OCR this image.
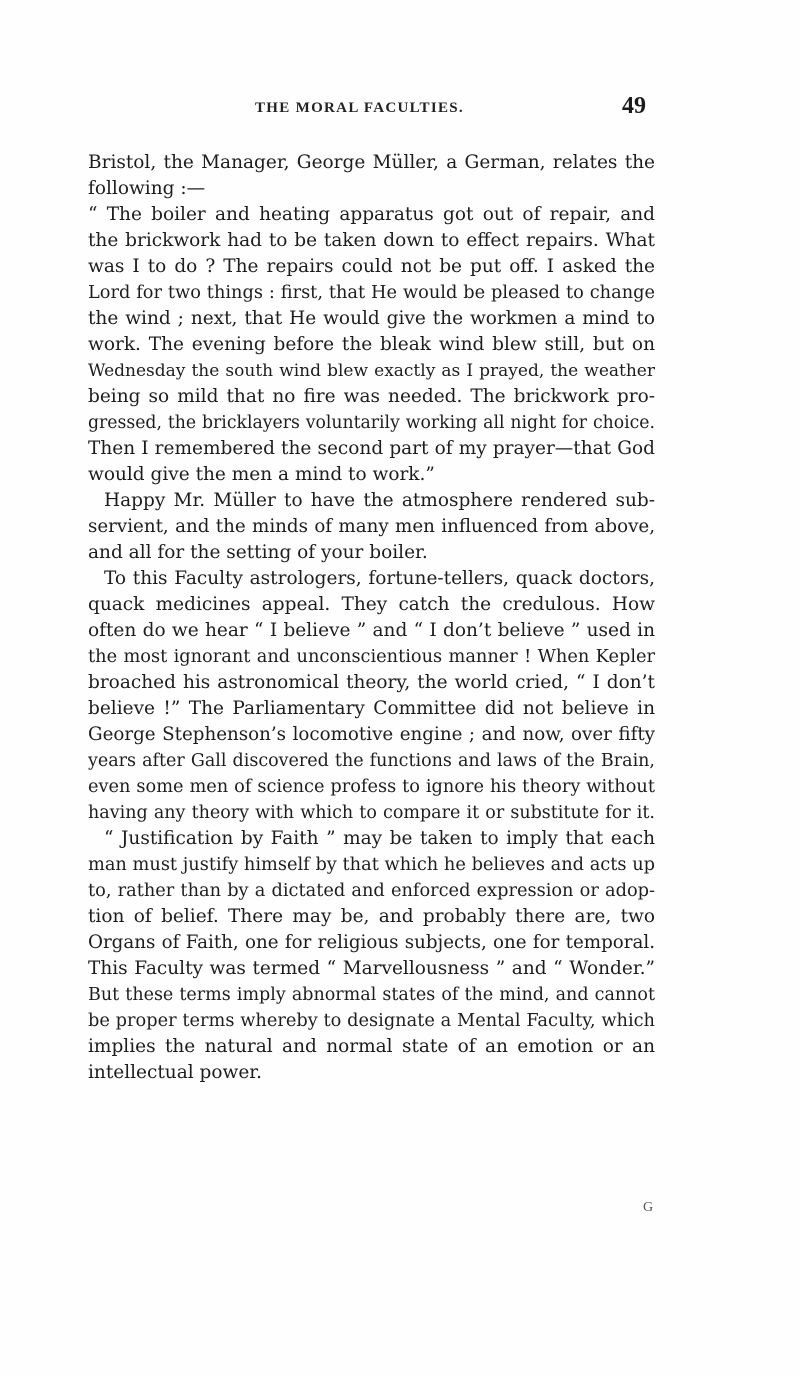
THE MORAL FACULTIES.	49
Bristol, the Manager, George Müller, a German, relates the
following :—
“ The boiler and heating apparatus got out of repair, and
the brickwork had to be taken down to effect repairs. What
was I to do ? The repairs could not be put off. I asked the
Lord for two things : first, that He would be pleased to change
the wind ; next, that He would give the workmen a mind to
work. The evening before the bleak wind blew still, but on
Wednesday the south wind blew exactly as I prayed, the weather
being so mild that no fire was needed. The brickwork pro-
gressed, the bricklayers voluntarily working all night for choice.
Then I remembered the second part of my prayer—that God
would give the men a mind to work.”
Happy Mr. Müller to have the atmosphere rendered sub-
servient, and the minds of many men influenced from above,
and all for the setting of your boiler.
To this Faculty astrologers, fortune-tellers, quack doctors,
quack medicines appeal. They catch the credulous. How
often do we hear “ I believe ” and “ I don’t believe ” used in
the most ignorant and unconscientious manner ! When Kepler
broached his astronomical theory, the world cried, “ I don’t
believe !” The Parliamentary Committee did not believe in
George Stephenson’s locomotive engine ; and now, over fifty
years after Gall discovered the functions and laws of the Brain,
even some men of science profess to ignore his theory without
having any theory with which to compare it or substitute for it.
“ Justification by Faith ” may be taken to imply that each
man must justify himself by that which he believes and acts up
to, rather than by a dictated and enforced expression or adop-
tion of belief. There may be, and probably there are, two
Organs of Faith, one for religious subjects, one for temporal.
This Faculty was termed “ Marvellousness ” and “ Wonder.”
But these terms imply abnormal states of the mind, and cannot
be proper terms whereby to designate a Mental Faculty, which
implies the natural and normal state of an emotion or an
intellectual power.
G
